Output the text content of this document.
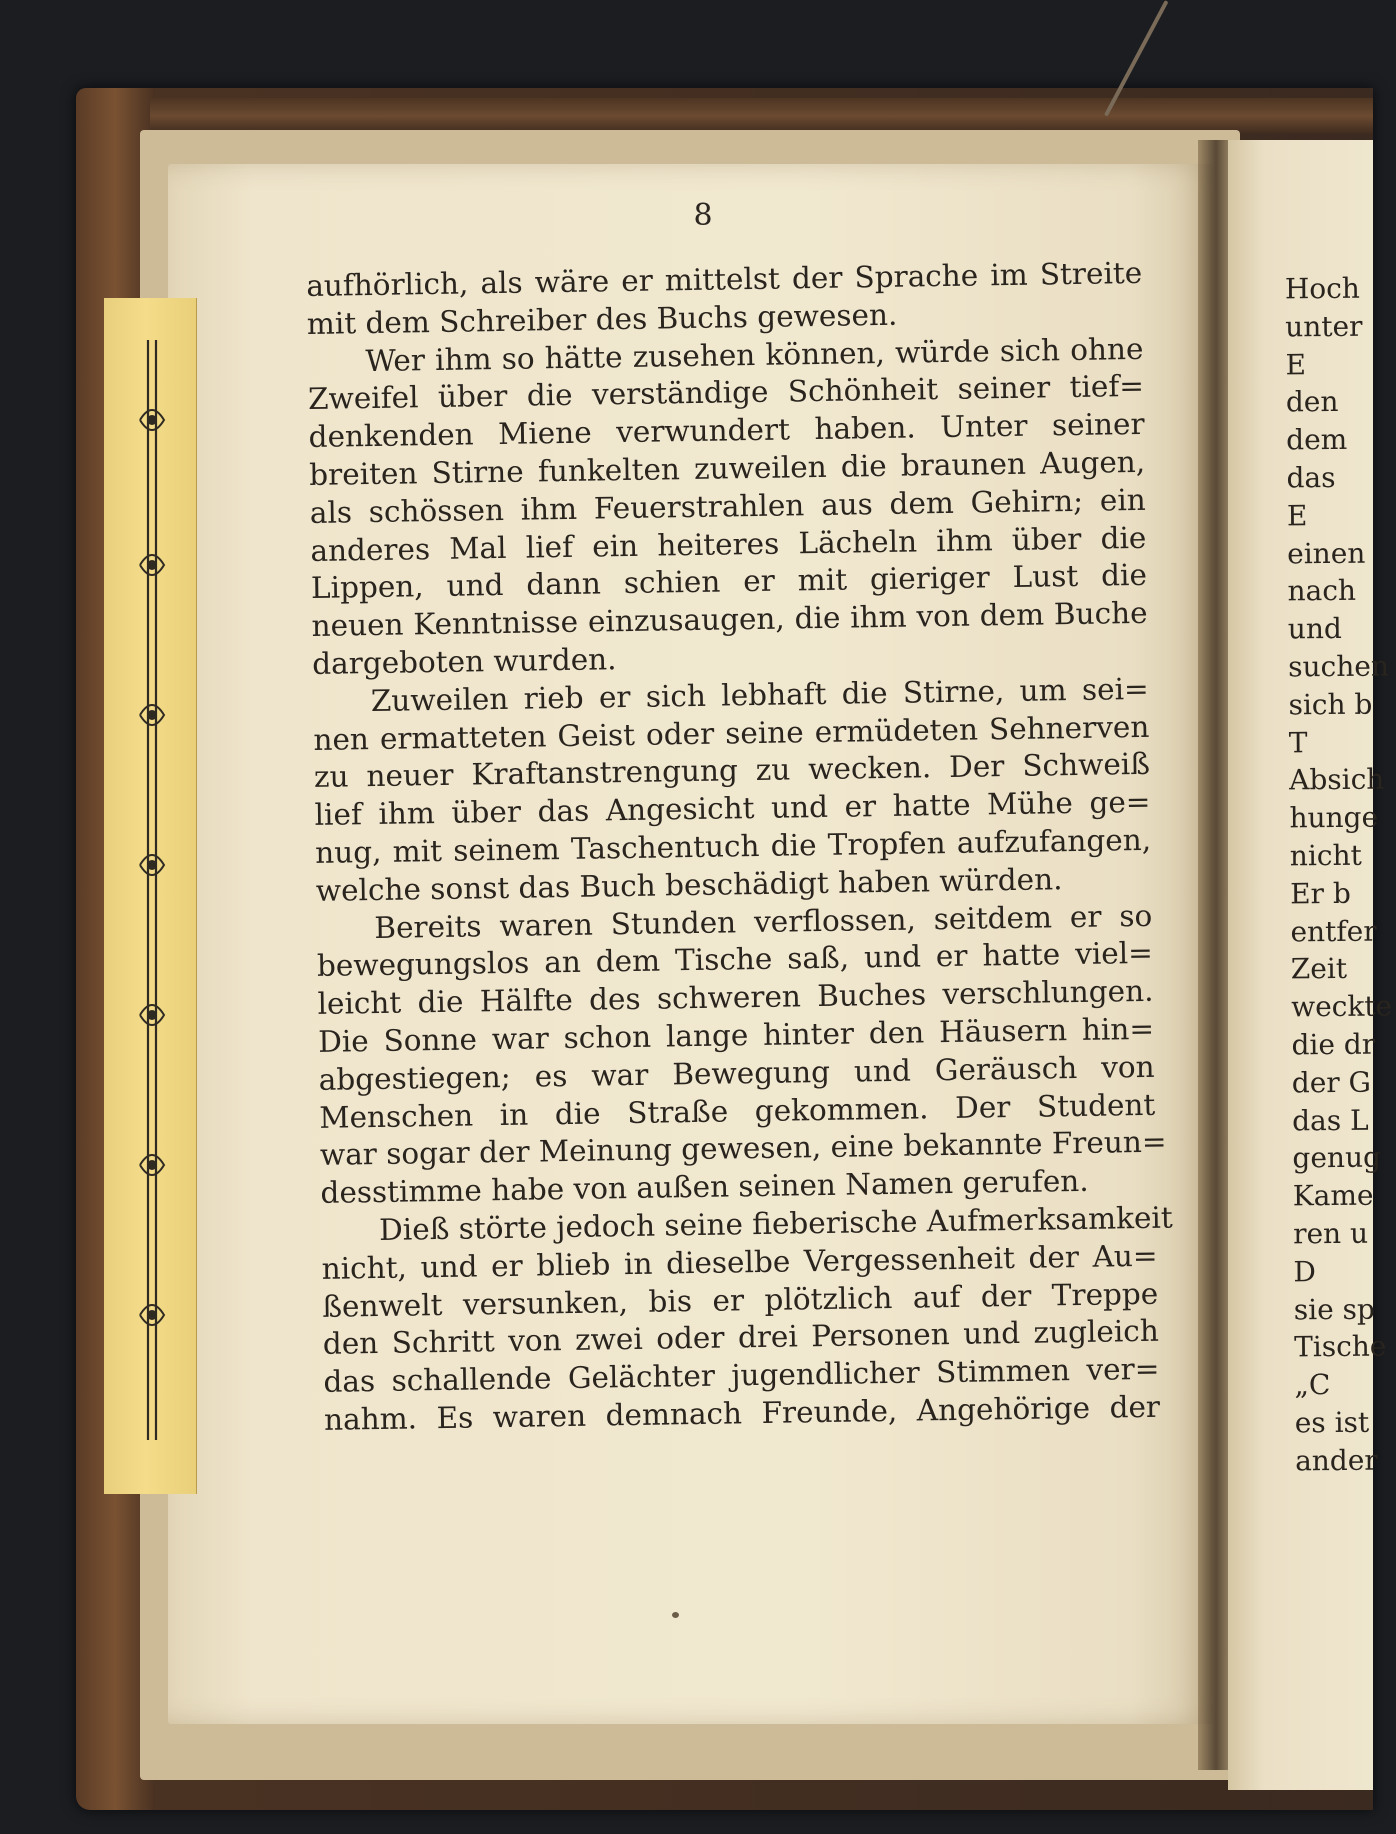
8
aufhörlich, als wäre er mittelst der Sprache im Streite
mit dem Schreiber des Buchs gewesen.
Wer ihm so hätte zusehen können, würde sich ohne
Zweifel über die verständige Schönheit seiner tief=
denkenden Miene verwundert haben. Unter seiner
breiten Stirne funkelten zuweilen die braunen Augen,
als schössen ihm Feuerstrahlen aus dem Gehirn; ein
anderes Mal lief ein heiteres Lächeln ihm über die
Lippen, und dann schien er mit gieriger Lust die
neuen Kenntnisse einzusaugen, die ihm von dem Buche
dargeboten wurden.
Zuweilen rieb er sich lebhaft die Stirne, um sei=
nen ermatteten Geist oder seine ermüdeten Sehnerven
zu neuer Kraftanstrengung zu wecken. Der Schweiß
lief ihm über das Angesicht und er hatte Mühe ge=
nug, mit seinem Taschentuch die Tropfen aufzufangen,
welche sonst das Buch beschädigt haben würden.
Bereits waren Stunden verflossen, seitdem er so
bewegungslos an dem Tische saß, und er hatte viel=
leicht die Hälfte des schweren Buches verschlungen.
Die Sonne war schon lange hinter den Häusern hin=
abgestiegen; es war Bewegung und Geräusch von
Menschen in die Straße gekommen. Der Student
war sogar der Meinung gewesen, eine bekannte Freun=
desstimme habe von außen seinen Namen gerufen.
Dieß störte jedoch seine fieberische Aufmerksamkeit
nicht, und er blieb in dieselbe Vergessenheit der Au=
ßenwelt versunken, bis er plötzlich auf der Treppe
den Schritt von zwei oder drei Personen und zugleich
das schallende Gelächter jugendlicher Stimmen ver=
nahm. Es waren demnach Freunde, Angehörige der
Hoch
unter
E
den
dem
das
E
einen
nach
und
suchen
sich b
T
Absich
hunge
nicht
Er b
entfer
Zeit
weckte
die dr
der G
das L
genug
Kame
ren u
D
sie sp
Tische
„C
es ist
ander
